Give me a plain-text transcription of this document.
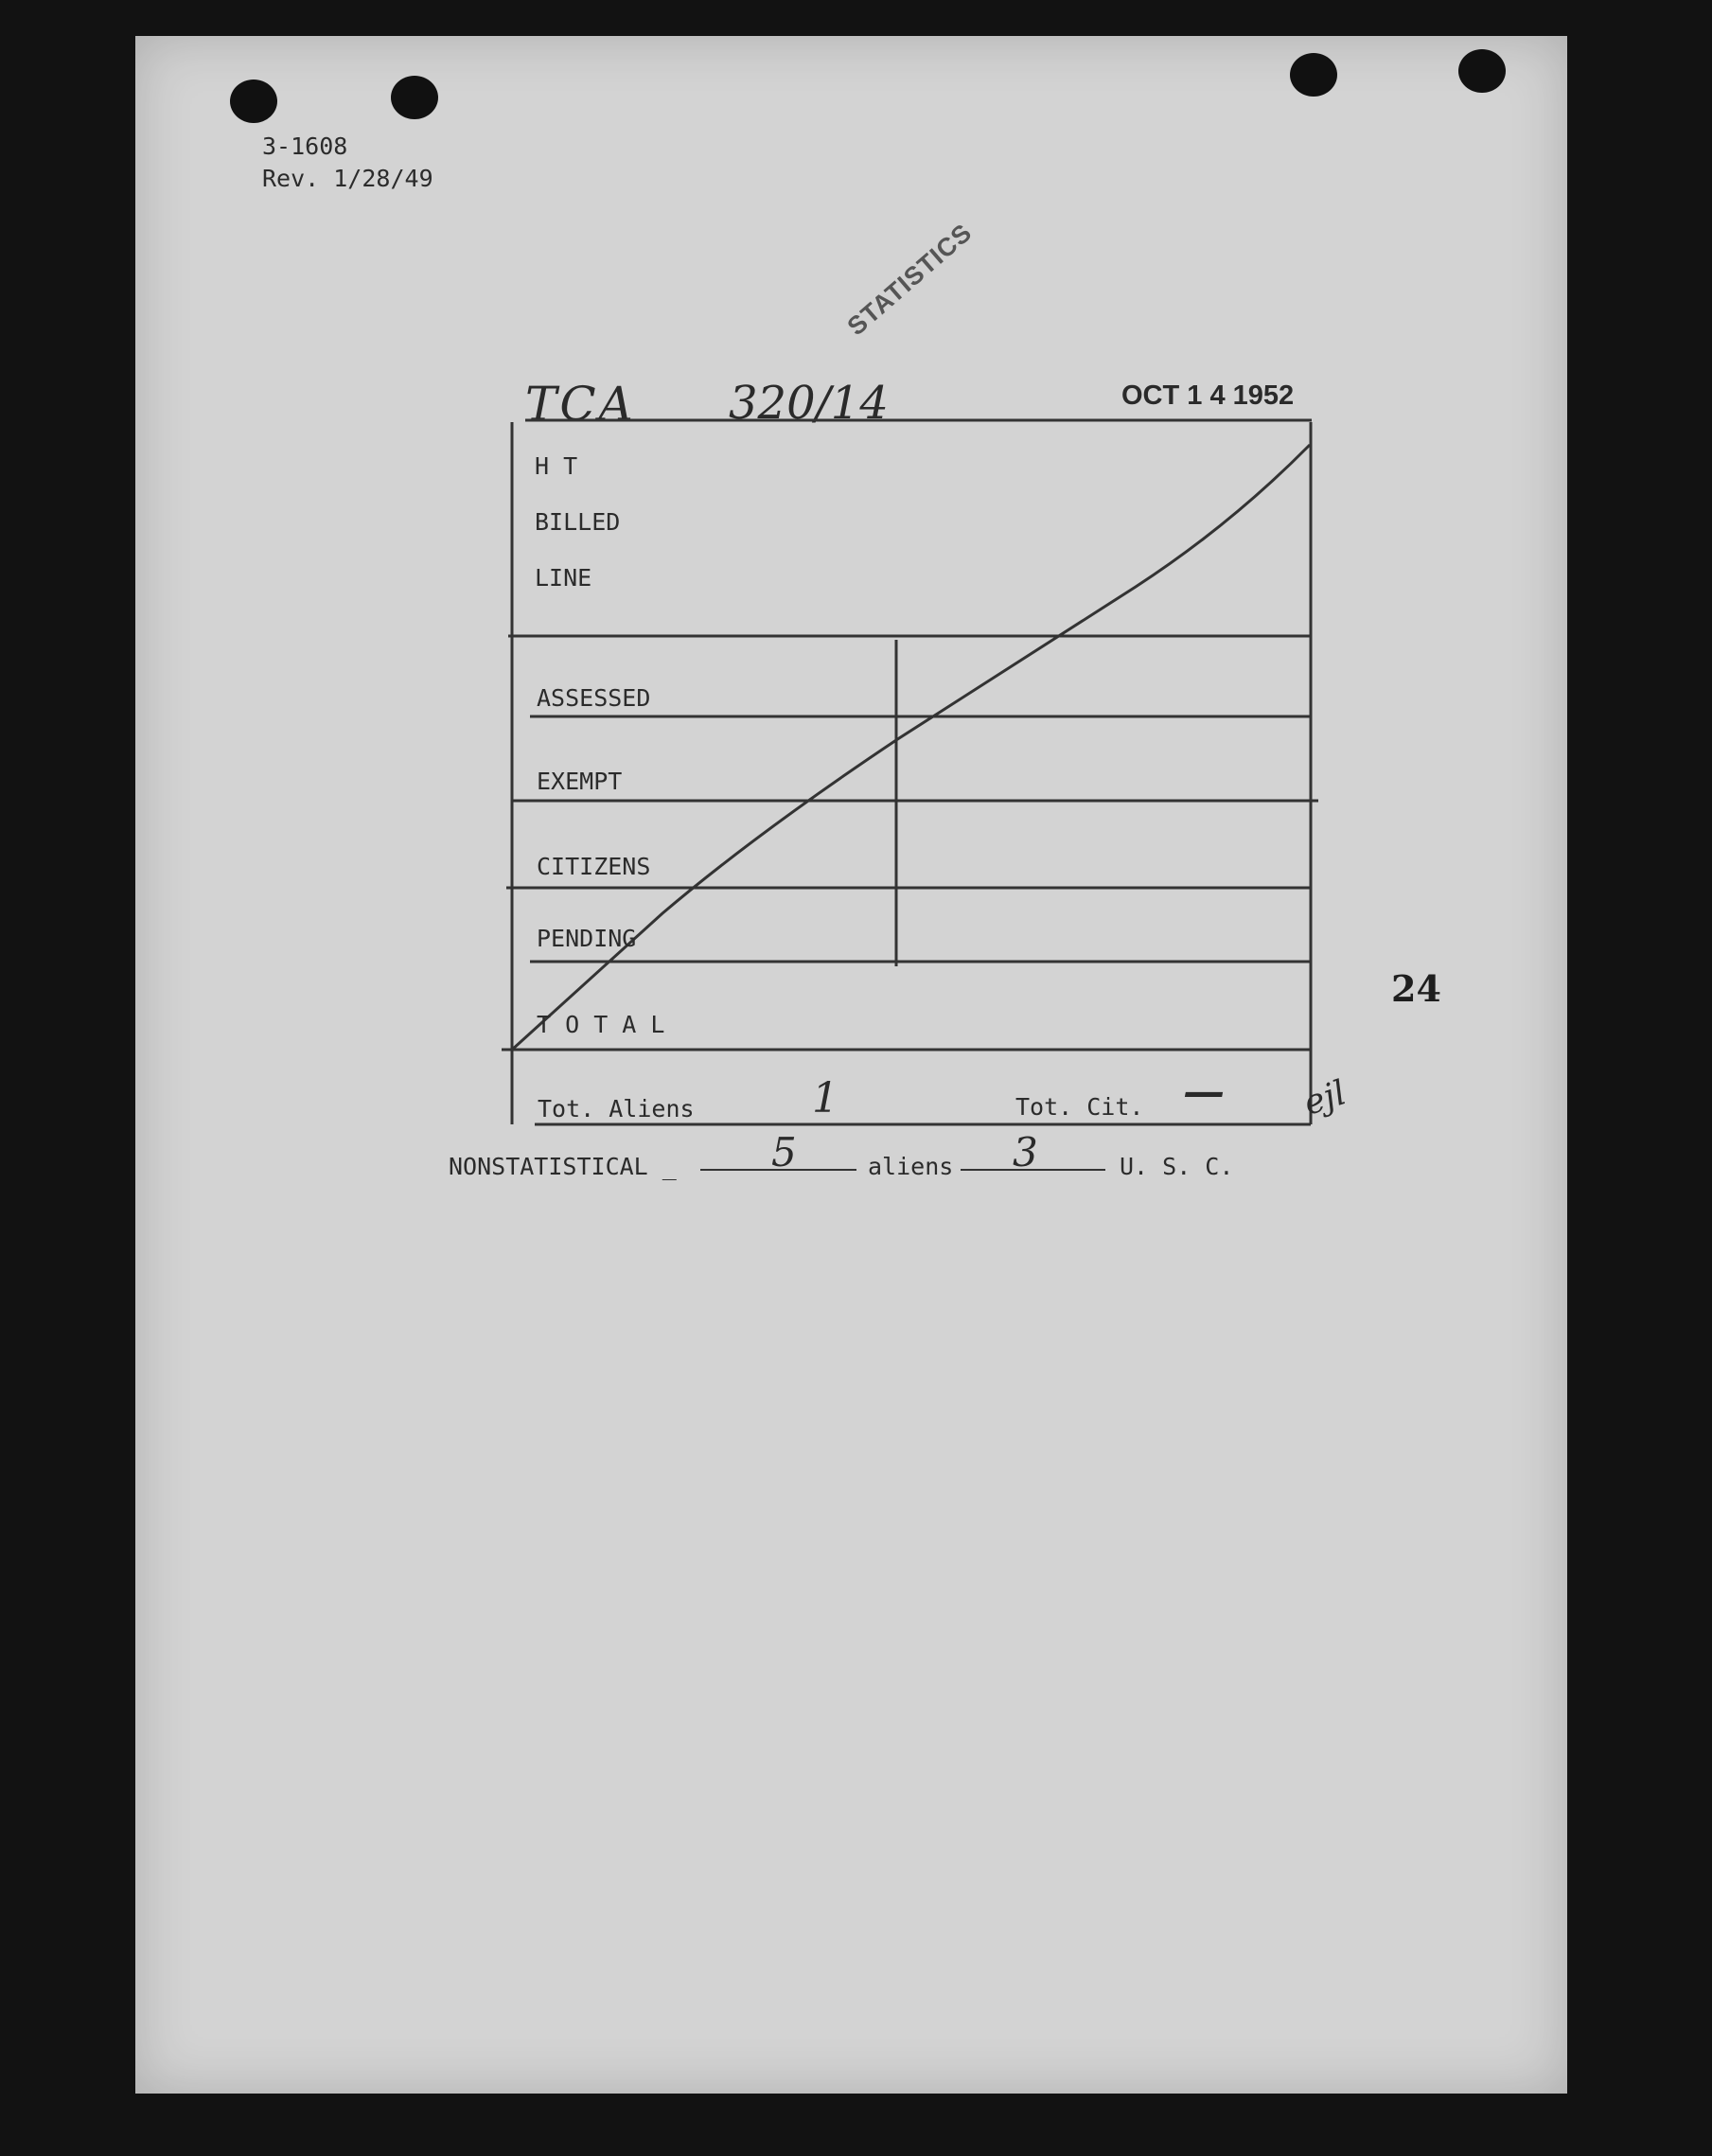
3-1608
Rev. 1/28/49
STATISTICS
TCA 320/14	OCT 1 4 1952
H T
BILLED
LINE
ASSESSED
EXEMPT
CITIZENS
PENDING
T O T A L
Tot. Aliens	1	Tot. Cit. — ejl
24
NONSTATISTICAL _ 5	aliens 3	U. S. C.
